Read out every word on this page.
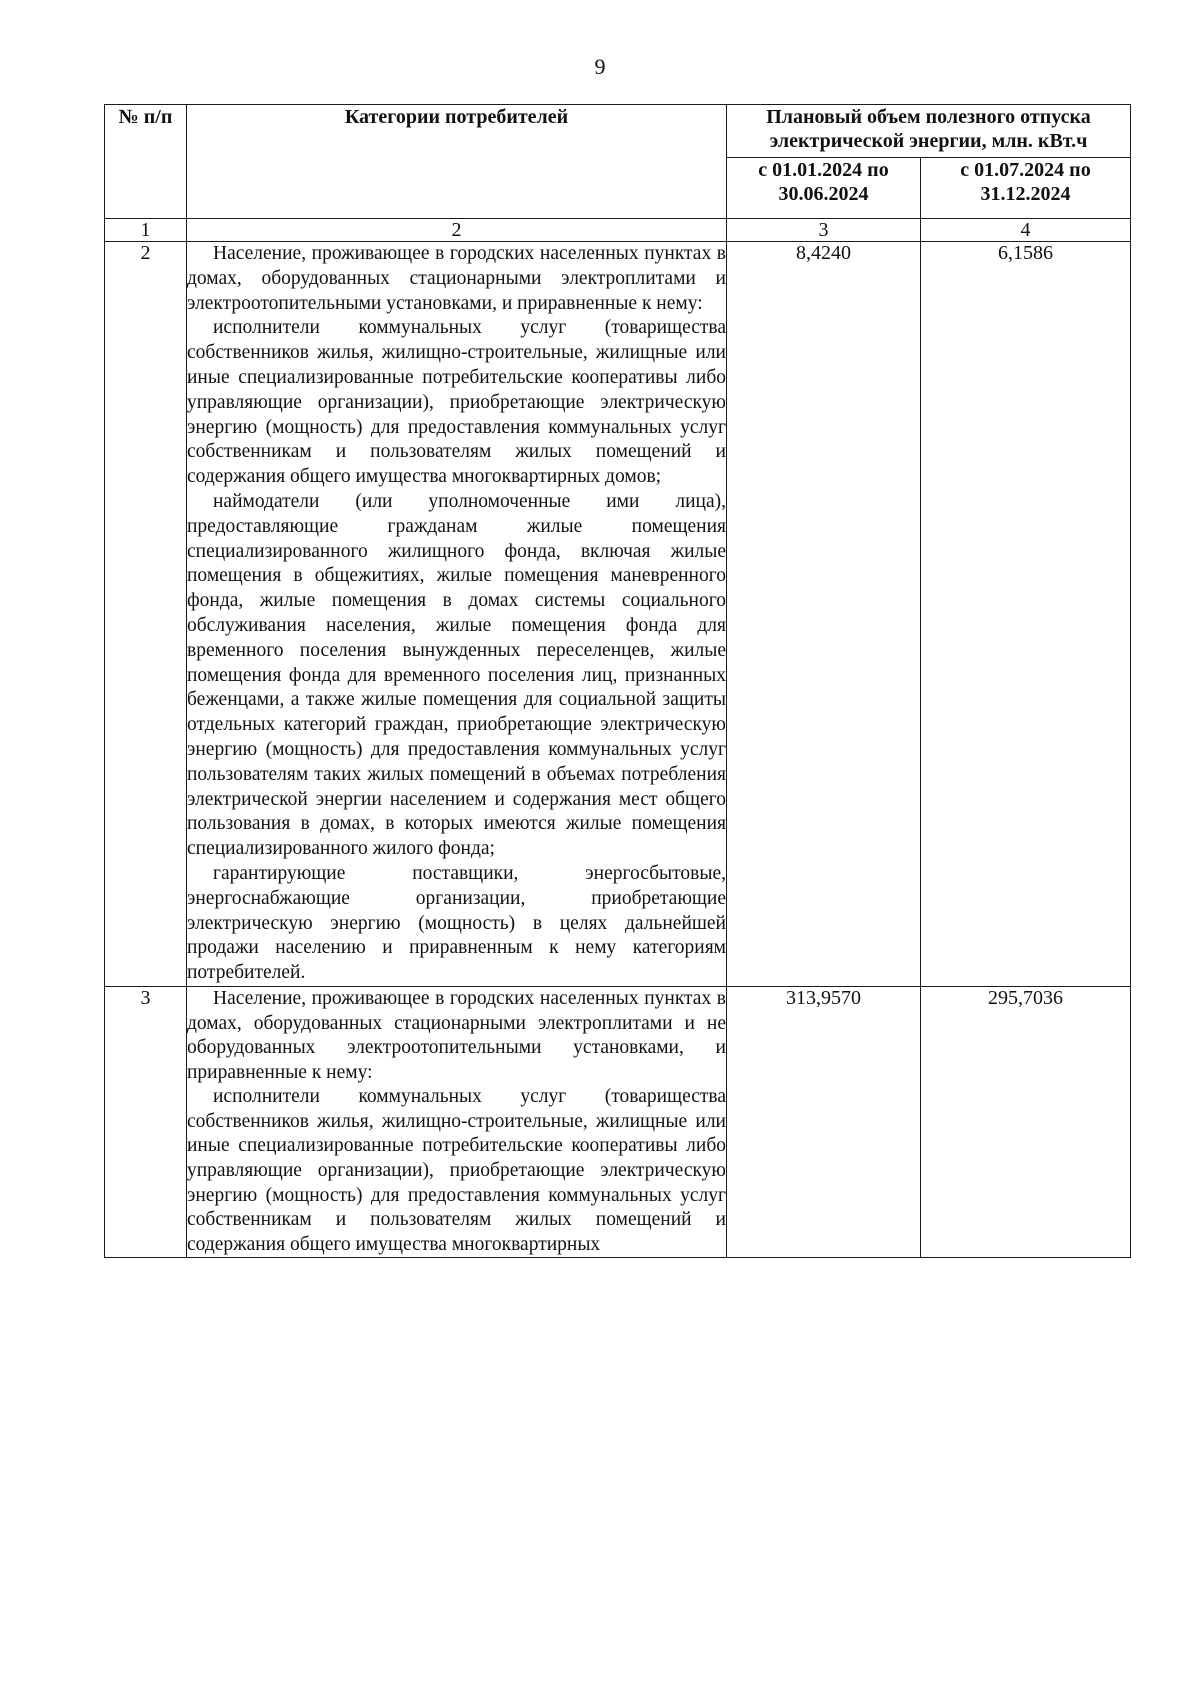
9
№ п/п	Категории потребителей	Плановый объем полезного отпуска электрической энергии, млн. кВт.ч	
		с 01.01.2024 по 30.06.2024	с 01.07.2024 по 31.12.2024
1	2	3	4
2	Население, проживающее в городских населенных пунктах в домах, оборудованных стационарными электроплитами и электроотопительными установками, и приравненные к нему:

исполнители коммунальных услуг (товарищества собственников жилья, жилищно-строительные, жилищные или иные специализированные потребительские кооперативы либо управляющие организации), приобретающие электрическую энергию (мощность) для предоставления коммунальных услуг собственникам и пользователям жилых помещений и содержания общего имущества многоквартирных домов;

наймодатели (или уполномоченные ими лица), предоставляющие гражданам жилые помещения специализированного жилищного фонда, включая жилые помещения в общежитиях, жилые помещения маневренного фонда, жилые помещения в домах системы социального обслуживания населения, жилые помещения фонда для временного поселения вынужденных переселенцев, жилые помещения фонда для временного поселения лиц, признанных беженцами, а также жилые помещения для социальной защиты отдельных категорий граждан, приобретающие электрическую энергию (мощность) для предоставления коммунальных услуг пользователям таких жилых помещений в объемах потребления электрической энергии населением и содержания мест общего пользования в домах, в которых имеются жилые помещения специализированного жилого фонда;

гарантирующие поставщики, энергосбытовые, энергоснабжающие организации, приобретающие электрическую энергию (мощность) в целях дальнейшей продажи населению и приравненным к нему категориям потребителей.	8,4240	6,1586
3	Население, проживающее в городских населенных пунктах в домах, оборудованных стационарными электроплитами и не оборудованных электроотопительными установками, и приравненные к нему:

исполнители коммунальных услуг (товарищества собственников жилья, жилищно-строительные, жилищные или иные специализированные потребительские кооперативы либо управляющие организации), приобретающие электрическую энергию (мощность) для предоставления коммунальных услуг собственникам и пользователям жилых помещений и содержания общего имущества многоквартирных	313,9570	295,7036
